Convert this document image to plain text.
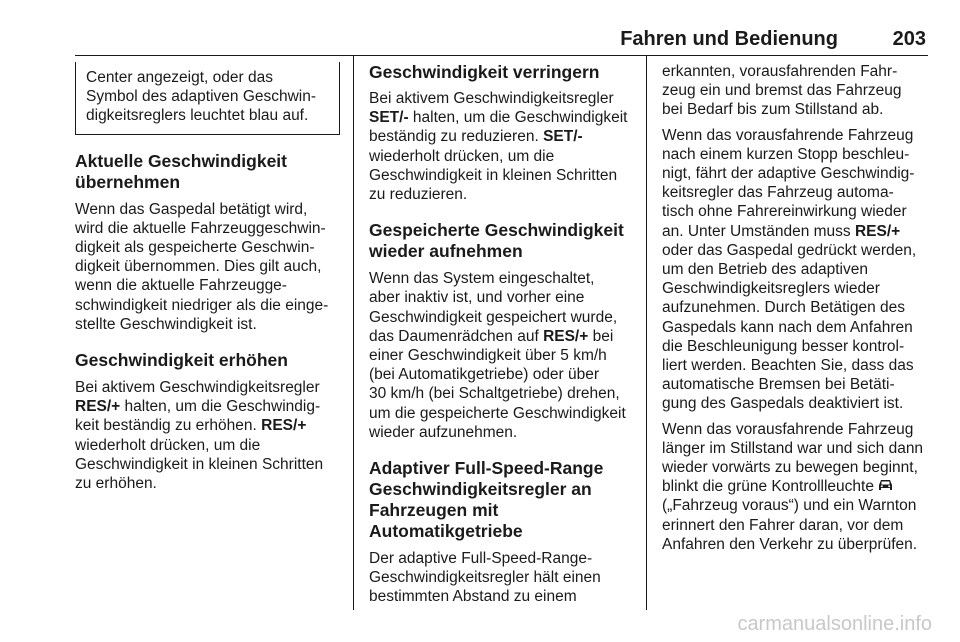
Fahren und Bedienung	203
Center angezeigt, oder das
Symbol des adaptiven Geschwin-
digkeitsreglers leuchtet blau auf.
Aktuelle Geschwindigkeit
übernehmen

Wenn das Gaspedal betätigt wird,
wird die aktuelle Fahrzeuggeschwin-
digkeit als gespeicherte Geschwin-
digkeit übernommen. Dies gilt auch,
wenn die aktuelle Fahrzeugge-
schwindigkeit niedriger als die einge-
stellte Geschwindigkeit ist.

Geschwindigkeit erhöhen

Bei aktivem Geschwindigkeitsregler
RES/+ halten, um die Geschwindig-
keit beständig zu erhöhen. RES/+
wiederholt drücken, um die
Geschwindigkeit in kleinen Schritten
zu erhöhen.

Geschwindigkeit verringern

Bei aktivem Geschwindigkeitsregler
SET/- halten, um die Geschwindigkeit
beständig zu reduzieren. SET/-
wiederholt drücken, um die
Geschwindigkeit in kleinen Schritten
zu reduzieren.

Gespeicherte Geschwindigkeit
wieder aufnehmen

Wenn das System eingeschaltet,
aber inaktiv ist, und vorher eine
Geschwindigkeit gespeichert wurde,
das Daumenrädchen auf RES/+ bei
einer Geschwindigkeit über 5 km/h
(bei Automatikgetriebe) oder über
30 km/h (bei Schaltgetriebe) drehen,
um die gespeicherte Geschwindigkeit
wieder aufzunehmen.

Adaptiver Full-Speed-Range
Geschwindigkeitsregler an
Fahrzeugen mit
Automatikgetriebe

Der adaptive Full-Speed-Range-
Geschwindigkeitsregler hält einen
bestimmten Abstand zu einem

erkannten, vorausfahrenden Fahr-
zeug ein und bremst das Fahrzeug
bei Bedarf bis zum Stillstand ab.

Wenn das vorausfahrende Fahrzeug
nach einem kurzen Stopp beschleu-
nigt, fährt der adaptive Geschwindig-
keitsregler das Fahrzeug automa-
tisch ohne Fahrereinwirkung wieder
an. Unter Umständen muss RES/+
oder das Gaspedal gedrückt werden,
um den Betrieb des adaptiven
Geschwindigkeitsreglers wieder
aufzunehmen. Durch Betätigen des
Gaspedals kann nach dem Anfahren
die Beschleunigung besser kontrol-
liert werden. Beachten Sie, dass das
automatische Bremsen bei Betäti-
gung des Gaspedals deaktiviert ist.

Wenn das vorausfahrende Fahrzeug
länger im Stillstand war und sich dann
wieder vorwärts zu bewegen beginnt,
blinkt die grüne Kontrollleuchte
(„Fahrzeug voraus“) und ein Warnton
erinnert den Fahrer daran, vor dem
Anfahren den Verkehr zu überprüfen.

carmanualsonline.info
